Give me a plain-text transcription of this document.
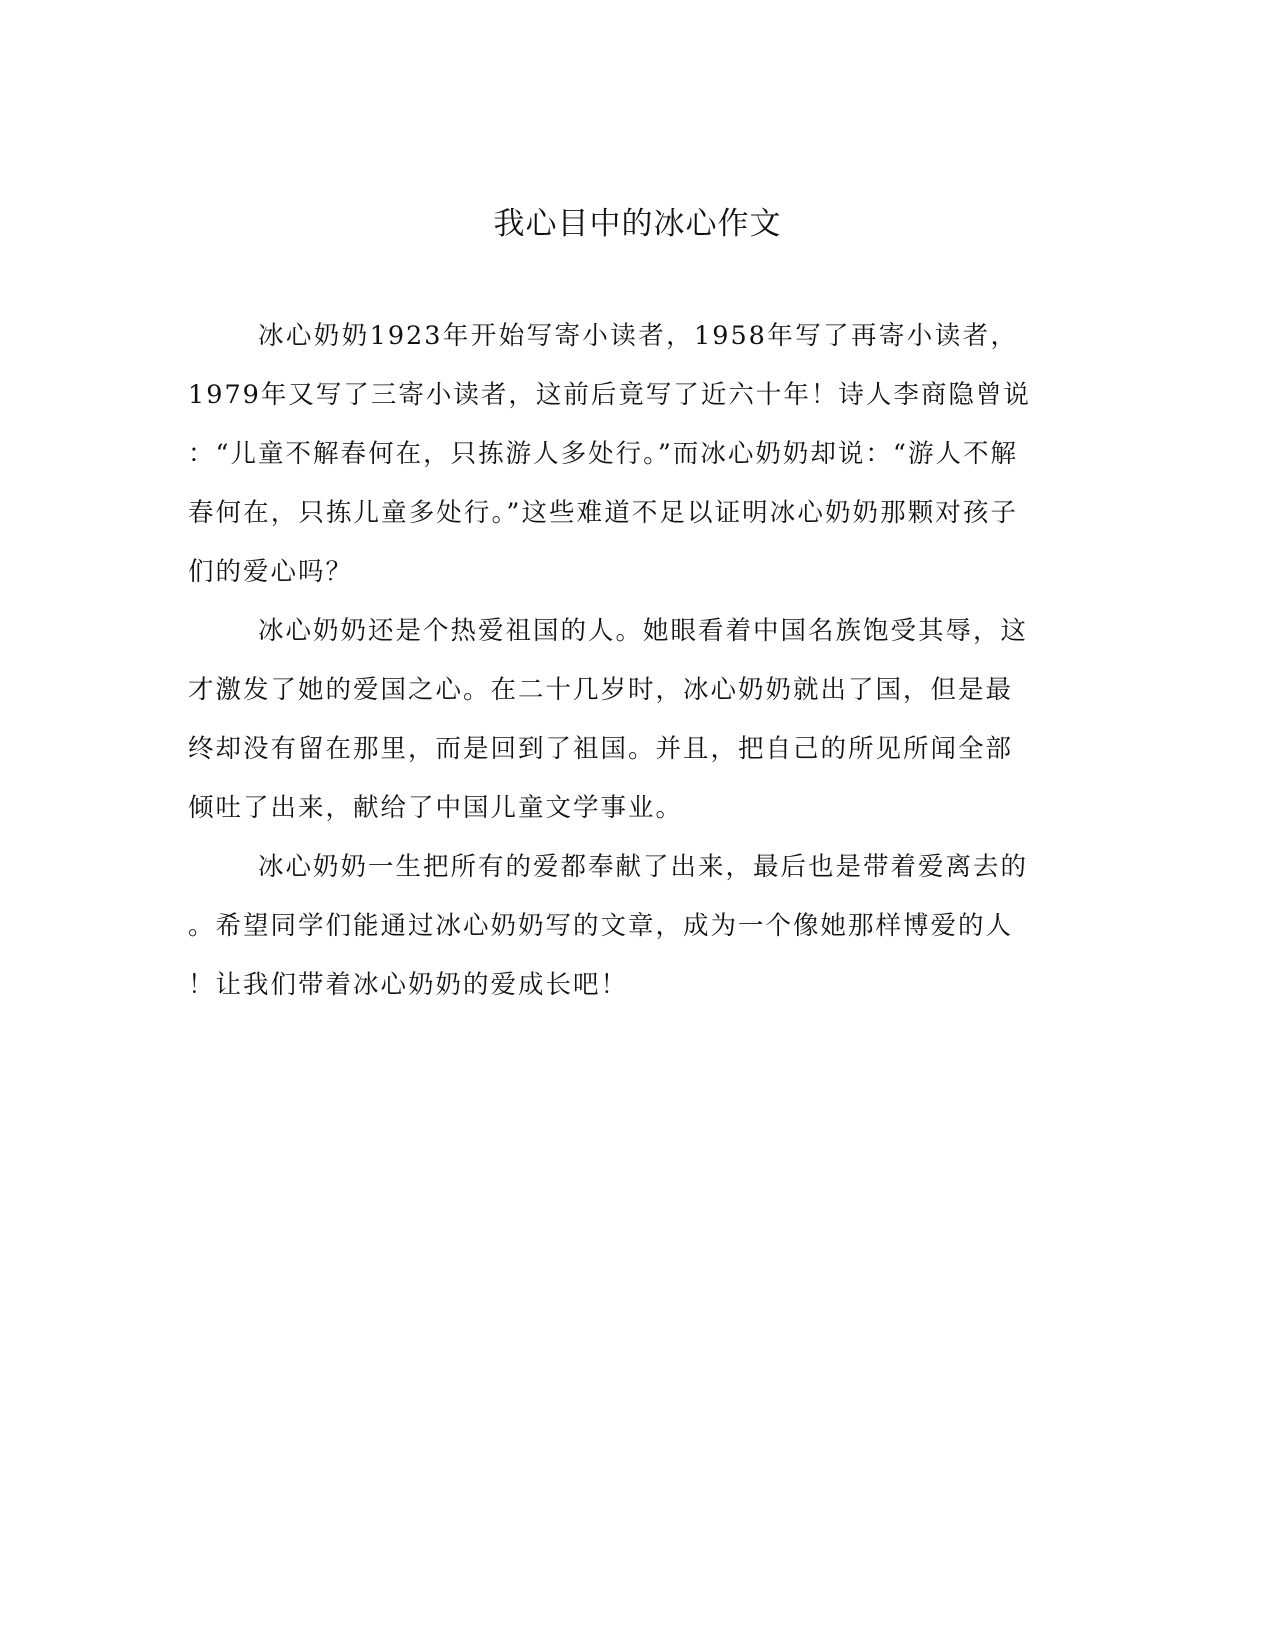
我心目中的冰心作文
冰心奶奶1923年开始写寄小读者，1958年写了再寄小读者，
1979年又写了三寄小读者，这前后竟写了近六十年！诗人李商隐曾说
：“儿童不解春何在，只拣游人多处行。”而冰心奶奶却说：“游人不解
春何在，只拣儿童多处行。”这些难道不足以证明冰心奶奶那颗对孩子
们的爱心吗？
冰心奶奶还是个热爱祖国的人。她眼看着中国名族饱受其辱，这
才激发了她的爱国之心。在二十几岁时，冰心奶奶就出了国，但是最
终却没有留在那里，而是回到了祖国。并且，把自己的所见所闻全部
倾吐了出来，献给了中国儿童文学事业。
冰心奶奶一生把所有的爱都奉献了出来，最后也是带着爱离去的
。希望同学们能通过冰心奶奶写的文章，成为一个像她那样博爱的人
！让我们带着冰心奶奶的爱成长吧！
